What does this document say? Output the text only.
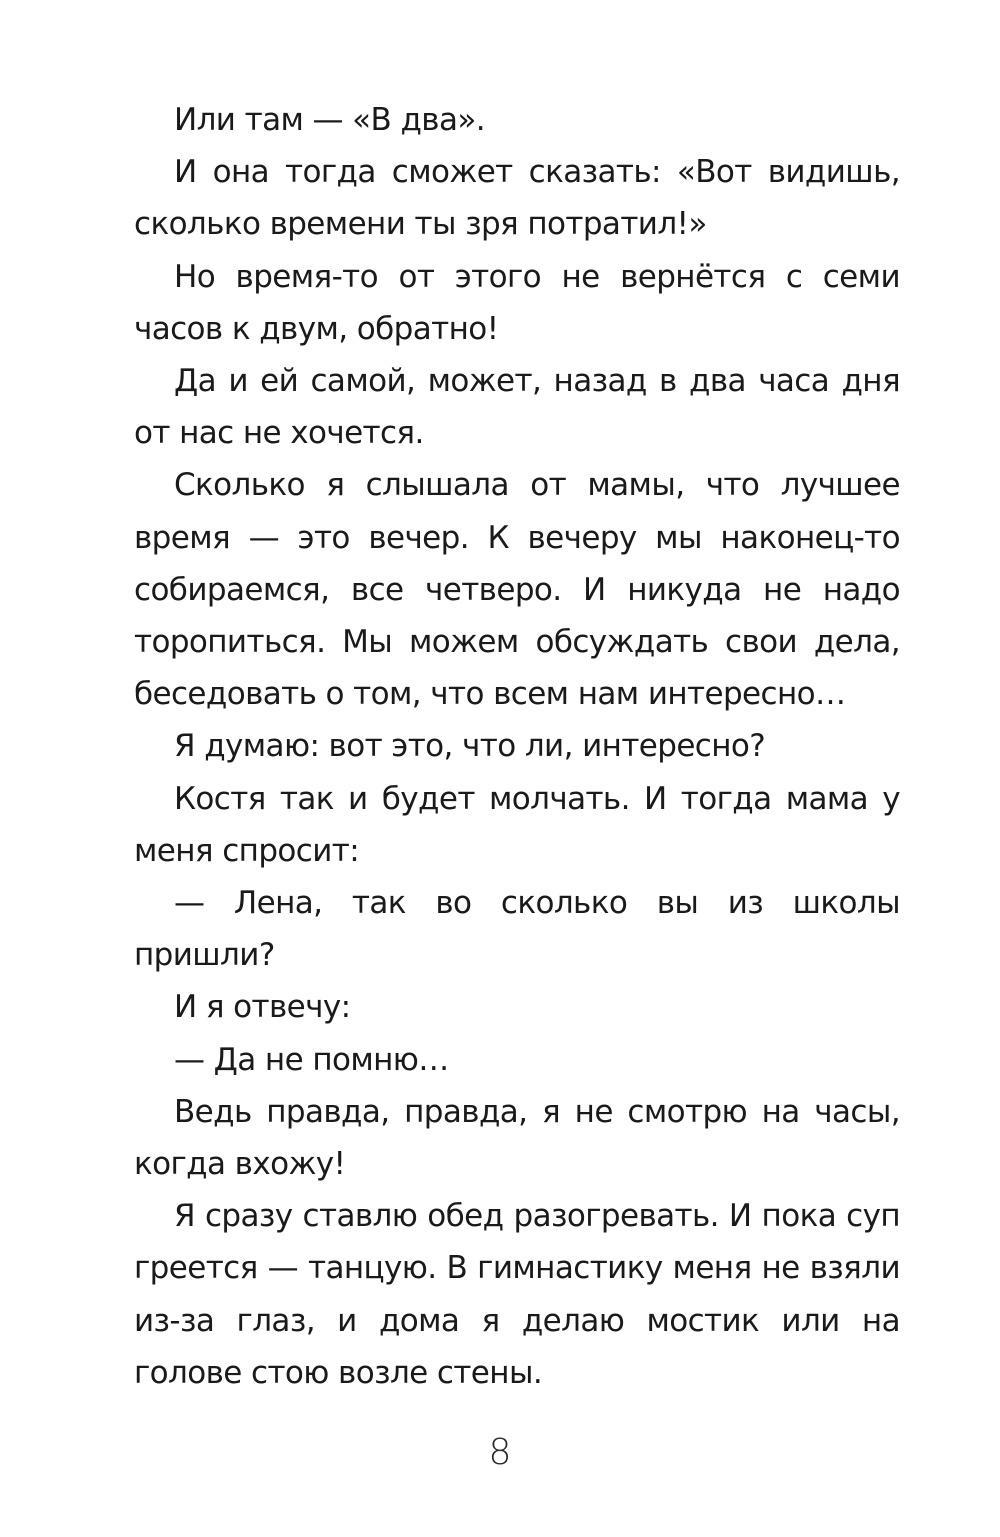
Или там — «В два».

И она тогда сможет сказать: «Вот видишь, сколько времени ты зря потратил!»

Но время-то от этого не вернётся с семи часов к двум, обратно!

Да и ей самой, может, назад в два часа дня от нас не хочется.

Сколько я слышала от мамы, что лучшее время — это вечер. К вечеру мы наконец-то собираемся, все четверо. И никуда не надо торопиться. Мы можем обсуждать свои дела, беседовать о том, что всем нам интересно…

Я думаю: вот это, что ли, интересно?

Костя так и будет молчать. И тогда мама у меня спросит:

— Лена, так во сколько вы из школы пришли?

И я отвечу:

— Да не помню…

Ведь правда, правда, я не смотрю на часы, когда вхожу!

Я сразу ставлю обед разогревать. И пока суп греется — танцую. В гимнастику меня не взяли из-за глаз, и дома я делаю мостик или на голове стою возле стены.

8
